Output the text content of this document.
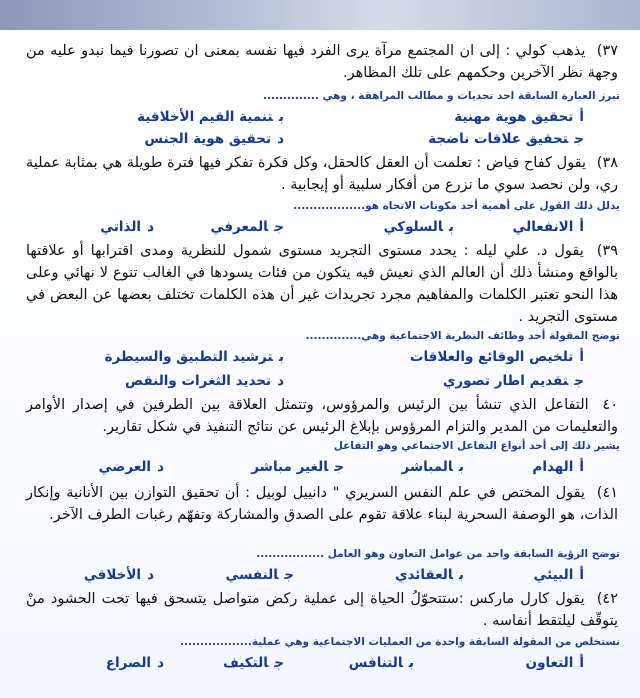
٣٧) يذهب كولي : إلى ان المجتمع مرآة يرى الفرد فيها نفسه بمعنى ان تصورنا فيما نبدو عليه من وجهة نظر الآخرين وحكمهم على تلك المظاهر.
تبرز العبارة السابقة احد تحديات و مطالب المراهقة ، وهي ..............
أتحقيق هوية مهنية
بتنمية القيم الأخلاقية
جتحقيق علاقات ناضجة
دتحقيق هوية الجنس
٣٨) يقول كفاح فياض : تعلمت أن العقل كالحقل، وكل فكرة تفكر فيها فترة طويلة هي بمثابة عملية ري، ولن نحصد سوي ما نزرع من أفكار سلبية أو إيجابية .
يدلل ذلك القول على أهمية أحد مكونات الاتجاه هو..................
أالانفعالي
بالسلوكي
جالمعرفي
دالذاتي
٣٩) يقول د. علي ليله : يحدد مستوى التجريد مستوى شمول للنظرية ومدى اقترابها أو علاقتها بالواقع ومنشأ ذلك أن العالم الذي نعيش فيه يتكون من فئات يسودها في الغالب تنوع لا نهائي وعلى هذا النحو تعتبر الكلمات والمفاهيم مجرد تجريدات غير أن هذه الكلمات تختلف بعضها عن البعض في مستوى التجريد .
توضح المقولة أحد وظائف النظرية الاجتماعية وهي..............
أتلخيص الوقائع والعلاقات
بترشيد التطبيق والسيطرة
جتقديم اطار تصوري
دتحديد الثغرات والنقص
٤٠ التفاعل الذي تنشأ بين الرئيس والمرؤوس، وتتمثل العلاقة بين الطرفين في إصدار الأوامر والتعليمات من المدير والتزام المرؤوس بإبلاغ الرئيس عن نتائج التنفيذ في شكل تقارير.
يشير ذلك إلى أحد أنواع التفاعل الاجتماعي وهو التفاعل
أالهدام
بالمباشر
جالغير مباشر
دالعرضي
٤١) يقول المختص في علم النفس السريري " دانييل لوبيل : أن تحقيق التوازن بين الأنانية وإنكار الذات، هو الوصفة السحرية لبناء علاقة تقوم على الصدق والمشاركة وتفهّم رغبات الطرف الآخر.
توضح الرؤية السابقة واحد من عوامل التعاون وهو العامل .................
أالبيئي
بالعقائدي
جالنفسي
دالأخلاقي
٤٢) يقول كارل ماركس :ستتحوّلُ الحياة إلى عملية ركض متواصل يتسحق فيها تحت الحشود منْ يتوقّف ليلتقط أنفاسه .
نستخلص من المقولة السابقة واحدة من العمليات الاجتماعية وهي عملية..................
أالتعاون
بالتنافس
جالتكيف
دالصراع
